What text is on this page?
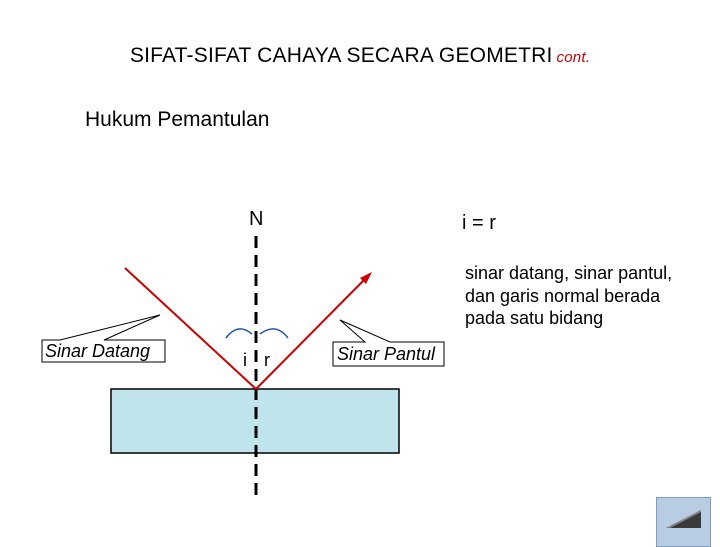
SIFAT-SIFAT CAHAYA SECARA GEOMETRI cont.
Hukum Pemantulan
N	i = r
i r
Sinar Datang	Sinar Pantul
sinar datang, sinar pantul, dan garis normal berada pada satu bidang
